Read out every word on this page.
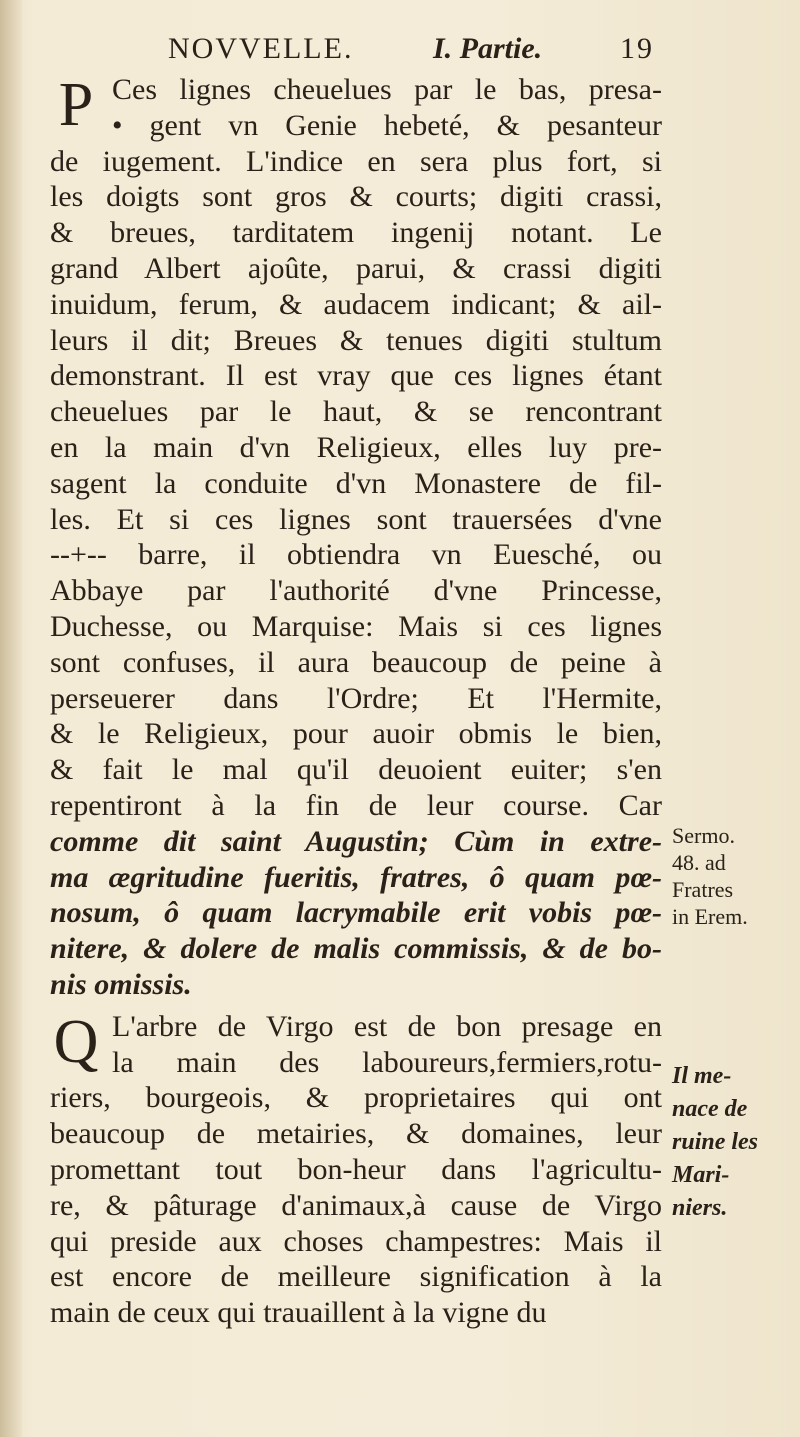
NOVVELLE.	I. Partie.	19

P Ces lignes cheuelues par le bas, presa-
• gent vn Genie hebeté, & pesanteur
de iugement. L'indice en sera plus fort, si
les doigts sont gros & courts; digiti crassi,
& breues, tarditatem ingenij notant. Le
grand Albert ajoûte, parui, & crassi digiti
inuidum, ferum, & audacem indicant; & ail-
leurs il dit; Breues & tenues digiti stultum
demonstrant. Il est vray que ces lignes étant
cheuelues par le haut, & se rencontrant
en la main d'vn Religieux, elles luy pre-
sagent la conduite d'vn Monastere de fil-
les. Et si ces lignes sont trauersées d'vne
--+-- barre, il obtiendra vn Euesché, ou
Abbaye par l'authorité d'vne Princesse,
Duchesse, ou Marquise: Mais si ces lignes
sont confuses, il aura beaucoup de peine à
perseuerer dans l'Ordre; Et l'Hermite,
& le Religieux, pour auoir obmis le bien,
& fait le mal qu'il deuoient euiter; s'en
repentiront à la fin de leur course. Car
comme dit saint Augustin; Cùm in extre-
ma ægritudine fueritis, fratres, ô quam pœ-
nosum, ô quam lacrymabile erit vobis pœ-
nitere, & dolere de malis commissis, & de bo-
nis omissis.

Q L'arbre de Virgo est de bon presage en
la main des laboureurs,fermiers,rotu-
riers, bourgeois, & proprietaires qui ont
beaucoup de metairies, & domaines, leur
promettant tout bon-heur dans l'agricultu-
re, & pâturage d'animaux,à cause de Virgo
qui preside aux choses champestres: Mais il
est encore de meilleure signification à la
main de ceux qui trauaillent à la vigne du

Sermo.
48. ad
Fratres
in Erem.
Il me-
nace de
ruine les
Mari-
niers.
